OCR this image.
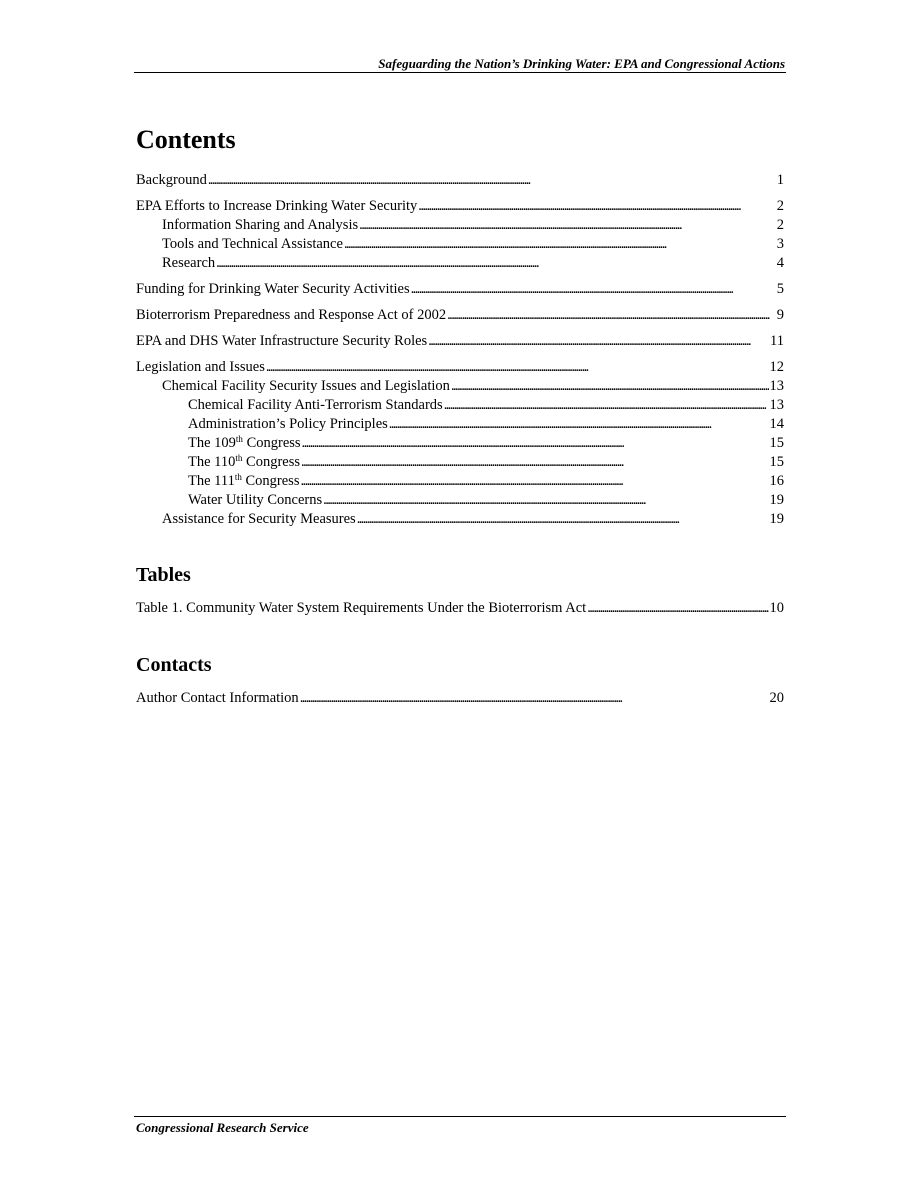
Safeguarding the Nation’s Drinking Water: EPA and Congressional Actions
Contents
Background . . .	1
EPA Efforts to Increase Drinking Water Security . . .	2
Information Sharing and Analysis . . .	2
Tools and Technical Assistance . . .	3
Research . . .	4
Funding for Drinking Water Security Activities . . .	5
Bioterrorism Preparedness and Response Act of 2002 . . .	9
EPA and DHS Water Infrastructure Security Roles . . .	11
Legislation and Issues . . .	12
Chemical Facility Security Issues and Legislation . . .	13
Chemical Facility Anti-Terrorism Standards . . .	13
Administration’s Policy Principles . . .	14
The 109th Congress . . .	15
The 110th Congress . . .	15
The 111th Congress . . .	16
Water Utility Concerns . . .	19
Assistance for Security Measures . . .	19
Tables
Table 1. Community Water System Requirements Under the Bioterrorism Act . . .	10
Contacts
Author Contact Information . . .	20
Congressional Research Service
